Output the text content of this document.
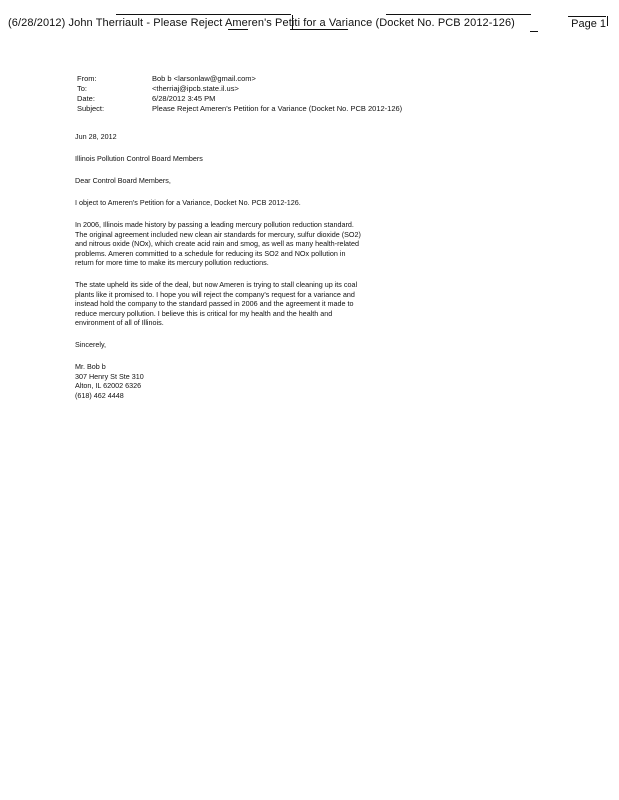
(6/28/2012) John Therriault - Please Reject Ameren's Petiti for a Variance (Docket No. PCB 2012-126)	Page 1
From:	Bob b <larsonlaw@gmail.com>
To:	<therriaj@ipcb.state.il.us>
Date:	6/28/2012 3:45 PM
Subject:	Please Reject Ameren's Petition for a Variance (Docket No. PCB 2012-126)

Jun 28, 2012

Illinois Pollution Control Board Members

Dear Control Board Members,

I object to Ameren's Petition for a Variance, Docket No. PCB 2012-126.

In 2006, Illinois made history by passing a leading mercury pollution reduction standard. The original agreement included new clean air standards for mercury, sulfur dioxide (SO2) and nitrous oxide (NOx), which create acid rain and smog, as well as many health-related problems. Ameren committed to a schedule for reducing its SO2 and NOx pollution in return for more time to make its mercury pollution reductions.

The state upheld its side of the deal, but now Ameren is trying to stall cleaning up its coal plants like it promised to. I hope you will reject the company's request for a variance and instead hold the company to the standard passed in 2006 and the agreement it made to reduce mercury pollution. I believe this is critical for my health and the health and environment of all of Illinois.

Sincerely,

Mr. Bob b
307 Henry St Ste 310
Alton, IL 62002 6326
(618) 462 4448
